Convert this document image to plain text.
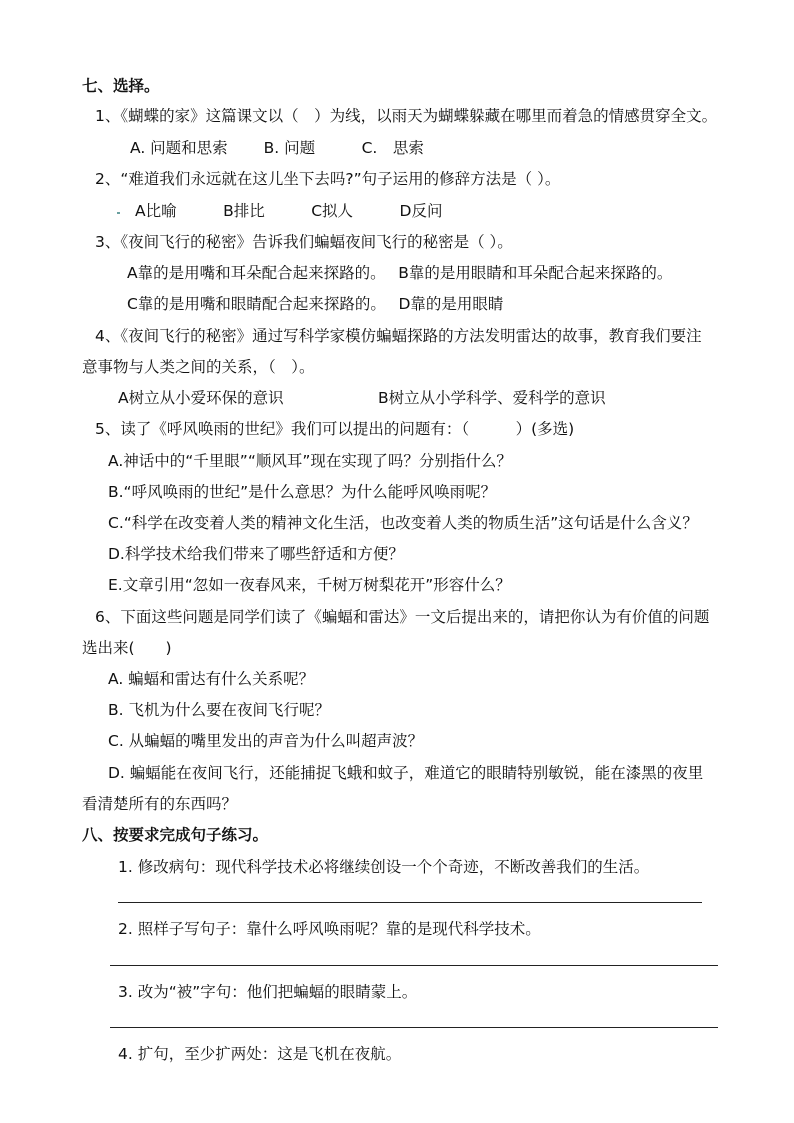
七、选择。
1、《蝴蝶的家》这篇课文以（　）为线，以雨天为蝴蝶躲藏在哪里而着急的情感贯穿全文。
A. 问题和思索　　 B. 问题　　　C.　思索
2、“难道我们永远就在这儿坐下去吗?”句子运用的修辞方法是（ ）。
A比喻　　　B排比　　　C拟人　　　D反问
3、《夜间飞行的秘密》告诉我们蝙蝠夜间飞行的秘密是（ ）。
A靠的是用嘴和耳朵配合起来探路的。　 B靠的是用眼睛和耳朵配合起来探路的。
C靠的是用嘴和眼睛配合起来探路的。　 D靠的是用眼睛
4、《夜间飞行的秘密》通过写科学家模仿蝙蝠探路的方法发明雷达的故事，教育我们要注
意事物与人类之间的关系，（　）。
A树立从小爱环保的意识	B树立从小学科学、爱科学的意识
5、读了《呼风唤雨的世纪》我们可以提出的问题有：（　　　）(多选)
A.神话中的“千里眼”“顺风耳”现在实现了吗？分别指什么？
B.“呼风唤雨的世纪”是什么意思？为什么能呼风唤雨呢？
C.“科学在改变着人类的精神文化生活，也改变着人类的物质生活”这句话是什么含义？
D.科学技术给我们带来了哪些舒适和方便？
E.文章引用“忽如一夜春风来，千树万树梨花开”形容什么？
6、下面这些问题是同学们读了《蝙蝠和雷达》一文后提出来的，请把你认为有价值的问题
选出来(　　)
A. 蝙蝠和雷达有什么关系呢？
B. 飞机为什么要在夜间飞行呢？
C. 从蝙蝠的嘴里发出的声音为什么叫超声波？
D. 蝙蝠能在夜间飞行，还能捕捉飞蛾和蚊子，难道它的眼睛特别敏锐，能在漆黑的夜里
看清楚所有的东西吗？
八、按要求完成句子练习。
1. 修改病句：现代科学技术必将继续创设一个个奇迹，不断改善我们的生活。
2. 照样子写句子：靠什么呼风唤雨呢？靠的是现代科学技术。
3. 改为“被”字句：他们把蝙蝠的眼睛蒙上。
4. 扩句，至少扩两处：这是飞机在夜航。
